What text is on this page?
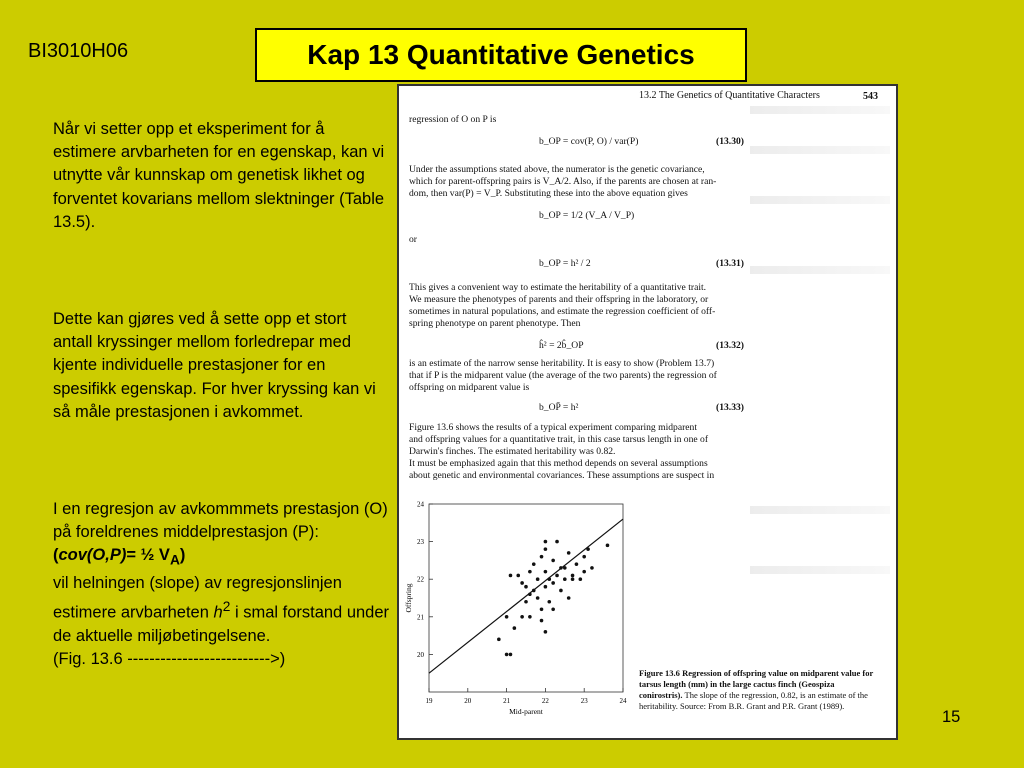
BI3010H06	Kap 13 Quantitative Genetics

Når vi setter opp et eksperiment for å estimere arvbarheten for en egenskap, kan vi utnytte vår kunnskap om genetisk likhet og forventet kovarians mellom slektninger (Table 13.5).

Dette kan gjøres ved å sette opp et stort antall kryssinger mellom forledrepar med kjente individuelle prestasjoner for en spesifikk egenskap. For hver kryssing kan vi så måle prestasjonen i avkommet.

I en regresjon av avkommmets prestasjon (O) på foreldrenes middelprestasjon (P):
(cov(O,P)= ½ $V_A$)
vil helningen (slope) av regresjonslinjen estimere arvbarheten $h^2$ i smal forstand under de aktuelle miljøbetingelsene.
(Fig. 13.6 -------------------------->)

15
13.2 The Genetics of Quantitative Characters	543
regression of O on P is
b_OP = cov(P, O) / var(P)	(13.30)
Under the assumptions stated above, the numerator is the genetic covariance,
which for parent-offspring pairs is V_A/2. Also, if the parents are chosen at ran-
dom, then var(P) = V_P. Substituting these into the above equation gives
b_OP = 1/2 (V_A / V_P)
or
b_OP = h² / 2	(13.31)
This gives a convenient way to estimate the heritability of a quantitative trait.
We measure the phenotypes of parents and their offspring in the laboratory, or
sometimes in natural populations, and estimate the regression coefficient of off-
spring phenotype on parent phenotype. Then
ĥ² = 2b̂_OP	(13.32)
is an estimate of the narrow sense heritability. It is easy to show (Problem 13.7)
that if P is the midparent value (the average of the two parents) the regression of
offspring on midparent value is
b_OP̄ = h²	(13.33)
Figure 13.6 shows the results of a typical experiment comparing midparent
and offspring values for a quantitative trait, in this case tarsus length in one of
Darwin's finches. The estimated heritability was 0.82.
It must be emphasized again that this method depends on several assumptions
about genetic and environmental covariances. These assumptions are suspect in
19	20	21	22	23	24
20
21
22
23
24
Mid-parent
Offspring
Figure 13.6 Regression of offspring value on midparent value for tarsus length (mm) in the large cactus finch (Geospiza conirostris). The slope of the regression, 0.82, is an estimate of the heritability. Source: From B.R. Grant and P.R. Grant (1989).
